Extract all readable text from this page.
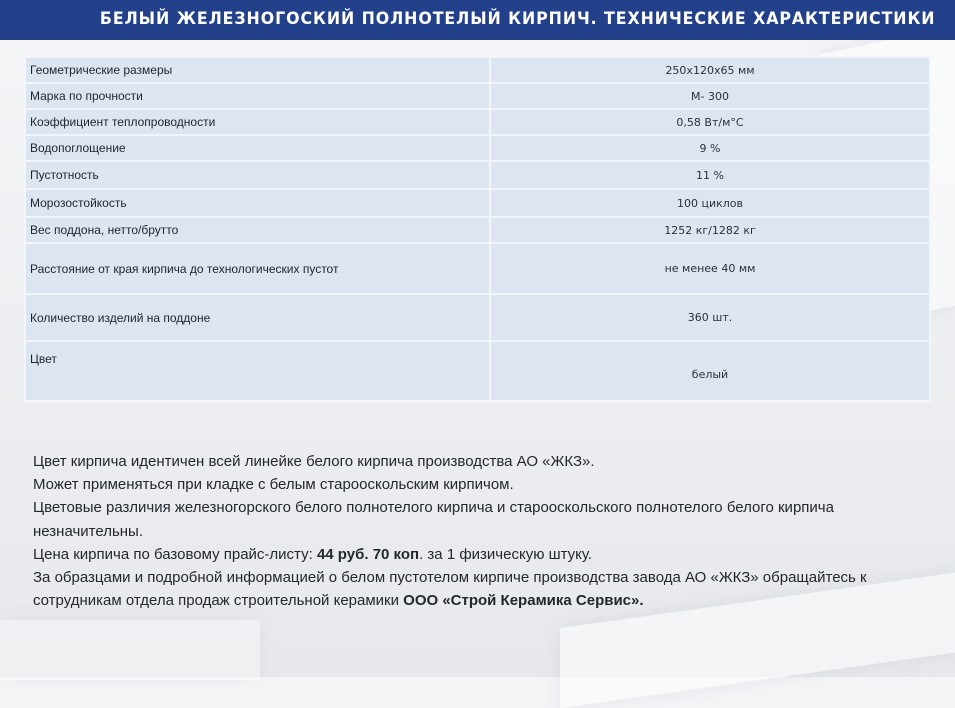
БЕЛЫЙ ЖЕЛЕЗНОГОСКИЙ ПОЛНОТЕЛЫЙ КИРПИЧ. ТЕХНИЧЕСКИЕ ХАРАКТЕРИСТИКИ
Геометрические размеры	250х120х65 мм
Марка по прочности	М- 300
Коэффициент теплопроводности	0,58 Вт/м°С
Водопоглощение	9 %
Пустотность	11 %
Морозостойкость	100 циклов
Вес поддона, нетто/брутто	1252 кг/1282 кг
Расстояние от края кирпича до технологических пустот	не менее 40 мм
Количество изделий на поддоне	360 шт.
Цвет	белый

Цвет кирпича идентичен всей линейке белого кирпича производства АО «ЖКЗ».

Может применяться при кладке с белым старооскольским кирпичом.

Цветовые различия железногорского белого полнотелого кирпича и старооскольского полнотелого белого кирпича незначительны.

Цена кирпича по базовому прайс-листу: 44 руб. 70 коп. за 1 физическую штуку.

За образцами и подробной информацией о белом пустотелом кирпиче производства завода АО «ЖКЗ» обращайтесь к сотрудникам отдела продаж строительной керамики ООО «Строй Керамика Сервис».
